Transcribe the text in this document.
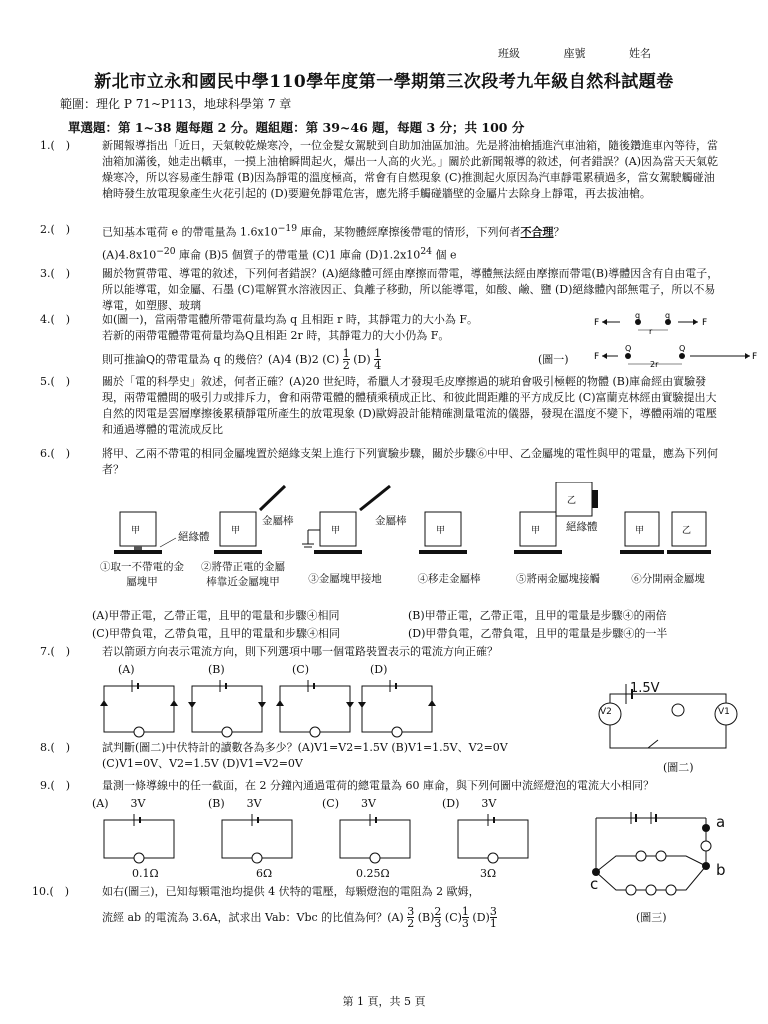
班級	座號	姓名
新北市立永和國民中學110學年度第一學期第三次段考九年級自然科試題卷
範圍：理化 P 71~P113，地球科學第 7 章
單選題：第 1~38 題每題 2 分。題組題：第 39~46 題，每題 3 分；共 100 分
1.(　)	新聞報導指出「近日，天氣較乾燥寒冷，一位金髮女駕駛到自助加油區加油。先是將油槍插進汽車油箱，隨後鑽進車內等待，當油箱加滿後，她走出轎車，一摸上油槍瞬間起火，爆出一人高的火光。」關於此新聞報導的敘述，何者錯誤？(A)因為當天天氣乾燥寒冷，所以容易產生靜電 (B)因為靜電的溫度極高，常會有自燃現象 (C)推測起火原因為汽車靜電累積過多，當女駕駛觸碰油槍時發生放電現象產生火花引起的 (D)要避免靜電危害，應先將手觸碰牆壁的金屬片去除身上靜電，再去拔油槍。
2.(　)	已知基本電荷 e 的帶電量為 $1.6x10^{-19}$ 庫侖，某物體經摩擦後帶電的情形，下列何者不合理？
$(A)4.8x10^{-20}$ 庫侖 (B)5 個質子的帶電量 (C)1 庫侖 $(D)1.2x10^{24}$ 個 e
3.(　)	關於物質帶電、導電的敘述，下列何者錯誤？(A)絕緣體可經由摩擦而帶電，導體無法經由摩擦而帶電(B)導體因含有自由電子，所以能導電，如金屬、石墨 (C)電解質水溶液因正、負離子移動，所以能導電，如酸、鹼、鹽 (D)絕緣體內部無電子，所以不易導電，如塑膠、玻璃
4.(　)	如(圖一)，當兩帶電體所帶電荷量均為 q 且相距 r 時，其靜電力的大小為 F。
若新的兩帶電體帶電荷量均為Q且相距 2r 時，其靜電力的大小仍為 F。
則可推論Q的帶電量為 q 的幾倍？(A)4 (B)2 $(C) \frac{1}{2} (D) \frac{1}{4}$	(圖一)
F
q
r
q
F
F
Q
2r
Q
F
5.(　)	關於「電的科學史」敘述，何者正確？(A)20 世紀時，希臘人才發現毛皮摩擦過的琥珀會吸引極輕的物體 (B)庫侖經由實驗發現，兩帶電體間的吸引力或排斥力，會和兩帶電體的體積乘積成正比、和彼此間距離的平方成反比 (C)富蘭克林經由實驗提出大自然的閃電是雲層摩擦後累積靜電所產生的放電現象 (D)歐姆設計能精確測量電流的儀器，發現在溫度不變下，導體兩端的電壓和通過導體的電流成反比
6.(　)	將甲、乙兩不帶電的相同金屬塊置於絕緣支架上進行下列實驗步驟，關於步驟⑥中甲、乙金屬塊的電性與甲的電量，應為下列何者？
甲	甲	甲	甲	甲
乙
甲	乙
絕緣體
金屬棒	金屬棒	絕緣體
①取一不帶電的金屬塊甲
②將帶正電的金屬棒靠近金屬塊甲	③金屬塊甲接地	④移走金屬棒	⑤將兩金屬塊接觸	⑥分開兩金屬塊
(A)甲帶正電，乙帶正電，且甲的電量和步驟④相同	(B)甲帶正電，乙帶正電，且甲的電量是步驟④的兩倍
(C)甲帶負電，乙帶負電，且甲的電量和步驟④相同	(D)甲帶負電，乙帶負電，且甲的電量是步驟④的一半
7.(　)	若以箭頭方向表示電流方向，則下列選項中哪一個電路裝置表示的電流方向正確？
(A)	(B)	(C)	(D)
1.5V
V2	V1
8.(　)	試判斷(圖二)中伏特計的讀數各為多少？(A)V1=V2=1.5V (B)V1=1.5V、V2=0V
(C)V1=0V、V2=1.5V (D)V1=V2=0V	(圖二)
9.(　)	量測一條導線中的任一截面，在 2 分鐘內通過電荷的總電量為 60 庫侖，與下列何圖中流經燈泡的電流大小相同？
(A)　　 3V	(B)　　 3V	(C)　　 3V	(D)　　 3V
0.1Ω	6Ω	0.25Ω	3Ω
a
b
c
10.(　)	如右(圖三)，已知每顆電池均提供 4 伏特的電壓，每顆燈泡的電阻為 2 歐姆，
流經 ab 的電流為 3.6A，試求出 Vab：Vbc 的比值為何？$(A) \frac{3}{2} (B) \frac{2}{3} (C) \frac{1}{3} (D) \frac{3}{1}$	(圖三)
第 1 頁，共 5 頁
